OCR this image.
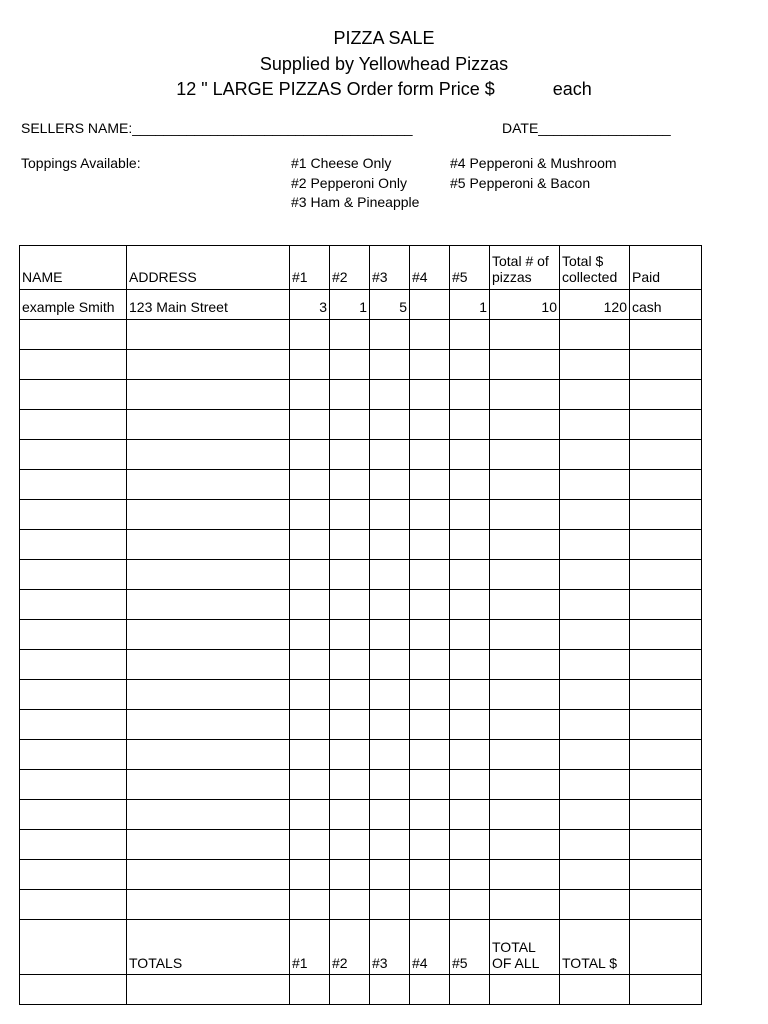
PIZZA SALE
Supplied by Yellowhead Pizzas
12 " LARGE PIZZAS Order form Price $	each
SELLERS NAME:____________________________________	DATE_________________
Toppings Available:	#1 Cheese Only
#2 Pepperoni Only
#3 Ham & Pineapple
#4 Pepperoni & Mushroom
#5 Pepperoni & Bacon
NAME	ADDRESS	#1	#2	#3	#4	#5	Total # of pizzas	Total $ collected	Paid
example Smith	123 Main Street	3	1	5		1	10	120	cash

	TOTALS	#1	#2	#3	#4	#5	TOTAL OF ALL	TOTAL $	
